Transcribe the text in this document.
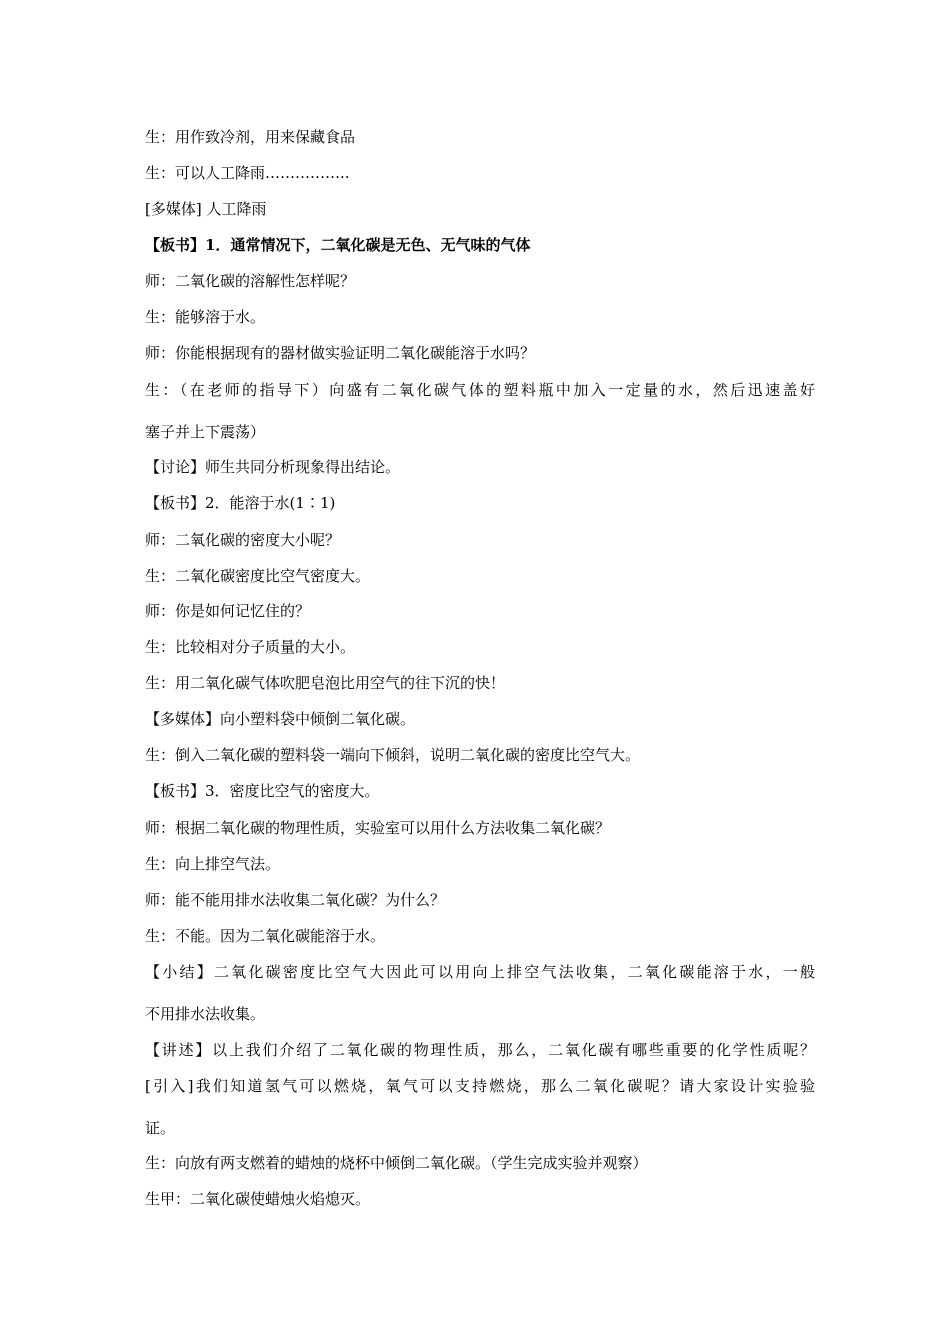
生：用作致冷剂，用来保藏食品
生：可以人工降雨……………..
[多媒体] 人工降雨
【板书】1．通常情况下，二氧化碳是无色、无气味的气体
师：二氧化碳的溶解性怎样呢？
生：能够溶于水。
师：你能根据现有的器材做实验证明二氧化碳能溶于水吗？
生：（在老师的指导下）向盛有二氧化碳气体的塑料瓶中加入一定量的水，然后迅速盖好
塞子并上下震荡）
【讨论】师生共同分析现象得出结论。
【板书】2．能溶于水(1∶1)
师：二氧化碳的密度大小呢？
生：二氧化碳密度比空气密度大。
师：你是如何记忆住的？
生：比较相对分子质量的大小。
生：用二氧化碳气体吹肥皂泡比用空气的往下沉的快！
【多媒体】向小塑料袋中倾倒二氧化碳。
生：倒入二氧化碳的塑料袋一端向下倾斜，说明二氧化碳的密度比空气大。
【板书】3．密度比空气的密度大。
师：根据二氧化碳的物理性质，实验室可以用什么方法收集二氧化碳？
生：向上排空气法。
师：能不能用排水法收集二氧化碳？为什么？
生：不能。因为二氧化碳能溶于水。
【小结】二氧化碳密度比空气大因此可以用向上排空气法收集，二氧化碳能溶于水，一般
不用排水法收集。
【讲述】以上我们介绍了二氧化碳的物理性质，那么，二氧化碳有哪些重要的化学性质呢？
[引入]我们知道氢气可以燃烧，氧气可以支持燃烧，那么二氧化碳呢？请大家设计实验验
证。
生：向放有两支燃着的蜡烛的烧杯中倾倒二氧化碳。（学生完成实验并观察）
生甲：二氧化碳使蜡烛火焰熄灭。
